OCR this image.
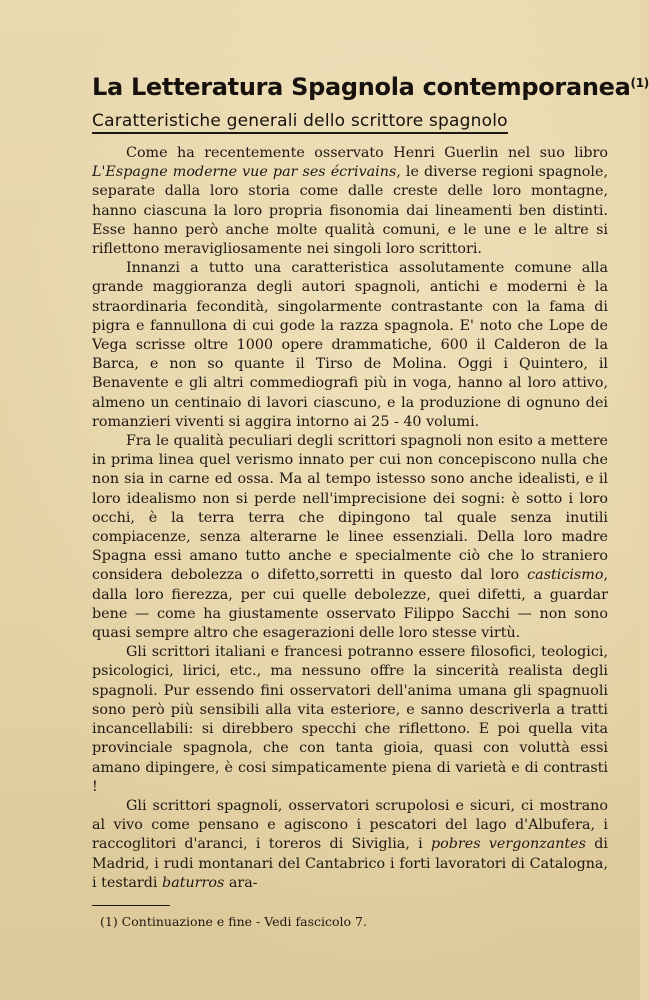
La Letteratura Spagnola contemporanea$^{(1)}$
Caratteristiche generali dello scrittore spagnolo

Come ha recentemente osservato Henri Guerlin nel suo libro L'Espagne moderne vue par ses écrivains, le diverse regioni spagnole, separate dalla loro storia come dalle creste delle loro montagne, hanno ciascuna la loro propria fisonomia dai lineamenti ben distinti. Esse hanno però anche molte qualità comuni, e le une e le altre si riflettono meravigliosamente nei singoli loro scrittori.

Innanzi a tutto una caratteristica assolutamente comune alla grande maggioranza degli autori spagnoli, antichi e moderni è la straordinaria fecondità, singolarmente contrastante con la fama di pigra e fannullona di cui gode la razza spagnola. E' noto che Lope de Vega scrisse oltre 1000 opere drammatiche, 600 il Calderon de la Barca, e non so quante il Tirso de Molina. Oggi i Quintero, il Benavente e gli altri commediografi più in voga, hanno al loro attivo, almeno un centinaio di lavori ciascuno, e la produzione di ognuno dei romanzieri viventi si aggira intorno ai 25 - 40 volumi.

Fra le qualità peculiari degli scrittori spagnoli non esito a mettere in prima linea quel verismo innato per cui non concepiscono nulla che non sia in carne ed ossa. Ma al tempo istesso sono anche idealisti, e il loro idealismo non si perde nell'imprecisione dei sogni: è sotto i loro occhi, è la terra terra che dipingono tal quale senza inutili compiacenze, senza alterarne le linee essenziali. Della loro madre Spagna essi amano tutto anche e specialmente ciò che lo straniero considera debolezza o difetto,sorretti in questo dal loro casticismo, dalla loro fierezza, per cui quelle debolezze, quei difetti, a guardar bene — come ha giustamente osservato Filippo Sacchi — non sono quasi sempre altro che esagerazioni delle loro stesse virtù.

Gli scrittori italiani e francesi potranno essere filosofici, teologici, psicologici, lirici, etc., ma nessuno offre la sincerità realista degli spagnoli. Pur essendo fini osservatori dell'anima umana gli spagnuoli sono però più sensibili alla vita esteriore, e sanno descriverla a tratti incancellabili: si direbbero specchi che riflettono. E poi quella vita provinciale spagnola, che con tanta gioia, quasi con voluttà essi amano dipingere, è cosi simpaticamente piena di varietà e di contrasti !

Gli scrittori spagnoli, osservatori scrupolosi e sicuri, ci mostrano al vivo come pensano e agiscono i pescatori del lago d'Albufera, i raccoglitori d'aranci, i toreros di Siviglia, i pobres vergonzantes di Madrid, i rudi montanari del Cantabrico i forti lavoratori di Catalogna, i testardi baturros ara-

(1) Continuazione e fine - Vedi fascicolo 7.
